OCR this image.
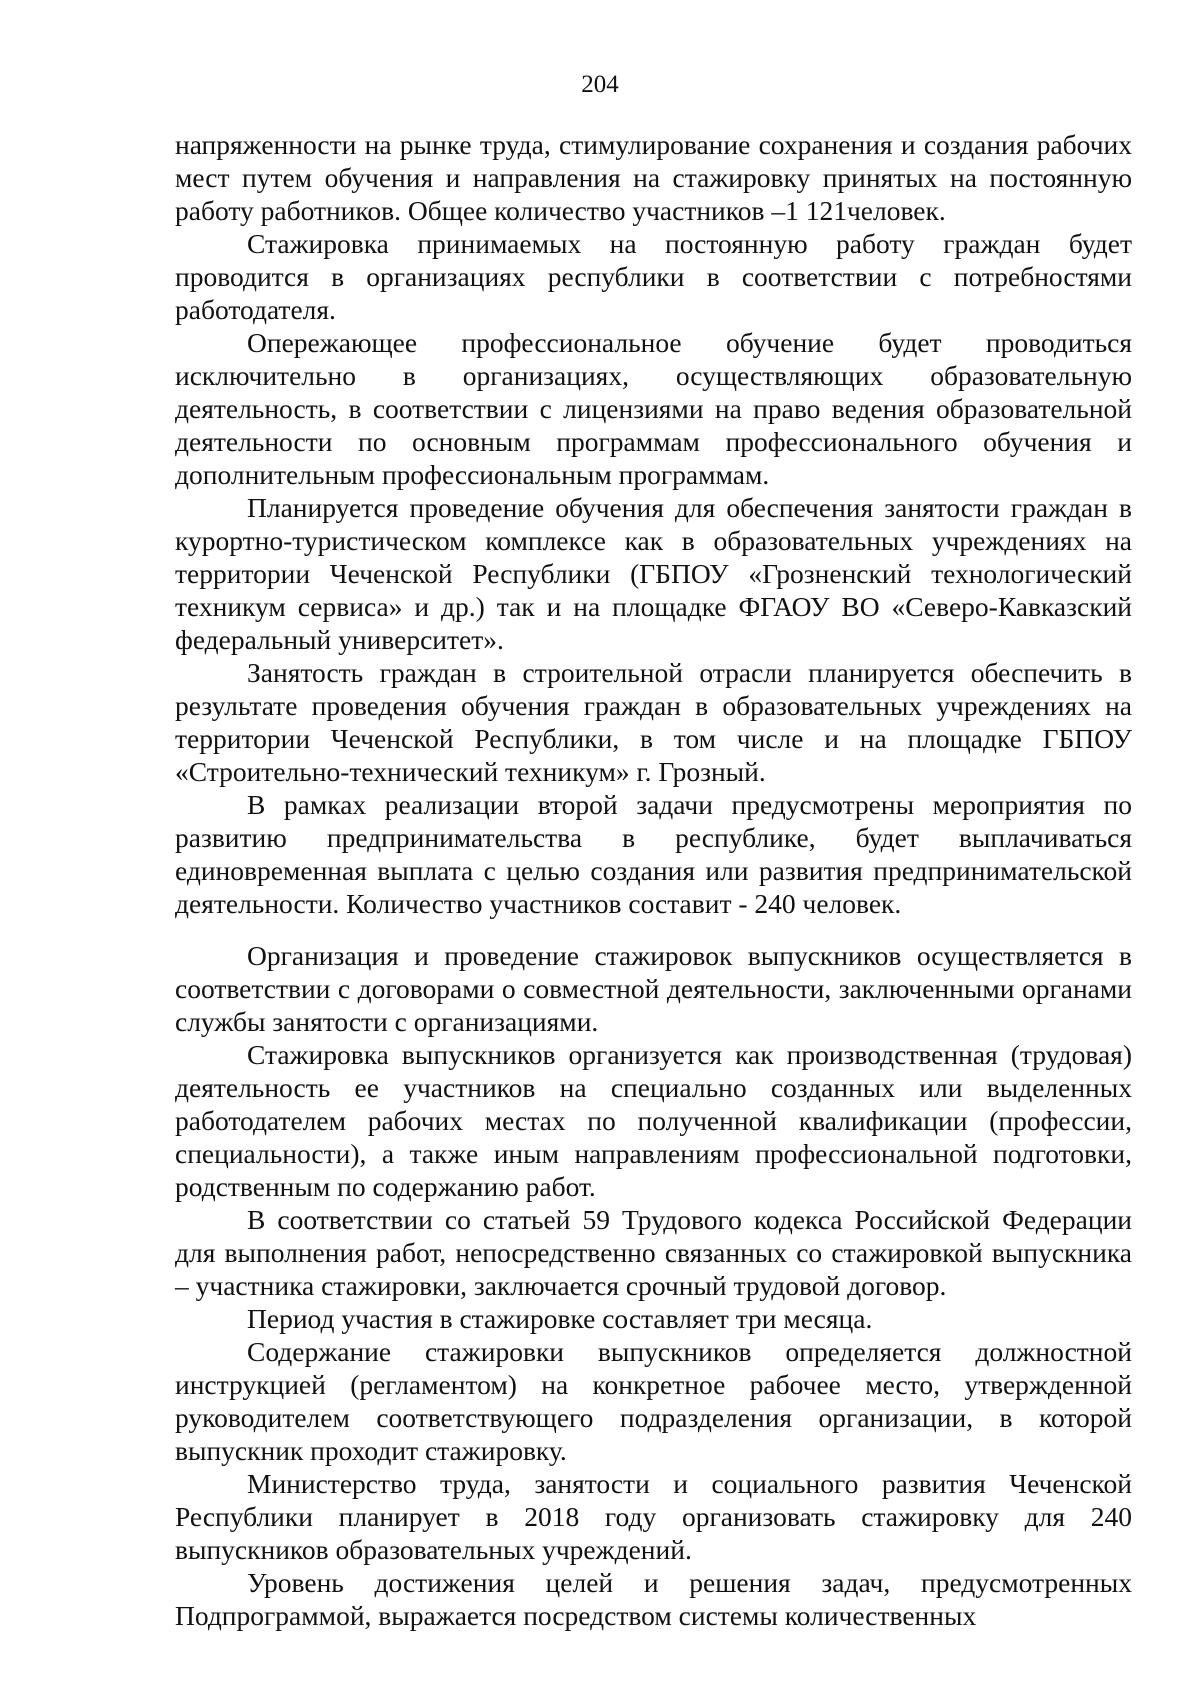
204

напряженности на рынке труда, стимулирование сохранения и создания рабочих мест путем обучения и направления на стажировку принятых на постоянную работу работников. Общее количество участников –1 121человек.

Стажировка принимаемых на постоянную работу граждан будет проводится в организациях республики в соответствии с потребностями работодателя.

Опережающее профессиональное обучение будет проводиться исключительно в организациях, осуществляющих образовательную деятельность, в соответствии с лицензиями на право ведения образовательной деятельности по основным программам профессионального обучения и дополнительным профессиональным программам.

Планируется проведение обучения для обеспечения занятости граждан в курортно-туристическом комплексе как в образовательных учреждениях на территории Чеченской Республики (ГБПОУ «Грозненский технологический техникум сервиса» и др.) так и на площадке ФГАОУ ВО «Северо-Кавказский федеральный университет».

Занятость граждан в строительной отрасли планируется обеспечить в результате проведения обучения граждан в образовательных учреждениях на территории Чеченской Республики, в том числе и на площадке ГБПОУ «Строительно-технический техникум» г. Грозный.

В рамках реализации второй задачи предусмотрены мероприятия по развитию предпринимательства в республике, будет выплачиваться единовременная выплата с целью создания или развития предпринимательской деятельности. Количество участников составит - 240 человек.

Организация и проведение стажировок выпускников осуществляется в соответствии с договорами о совместной деятельности, заключенными органами службы занятости с организациями.

Стажировка выпускников организуется как производственная (трудовая) деятельность ее участников на специально созданных или выделенных работодателем рабочих местах по полученной квалификации (профессии, специальности), а также иным направлениям профессиональной подготовки, родственным по содержанию работ.

В соответствии со статьей 59 Трудового кодекса Российской Федерации для выполнения работ, непосредственно связанных со стажировкой выпускника – участника стажировки, заключается срочный трудовой договор.

Период участия в стажировке составляет три месяца.

Содержание стажировки выпускников определяется должностной инструкцией (регламентом) на конкретное рабочее место, утвержденной руководителем соответствующего подразделения организации, в которой выпускник проходит стажировку.

Министерство труда, занятости и социального развития Чеченской Республики планирует в 2018 году организовать стажировку для 240 выпускников образовательных учреждений.

Уровень достижения целей и решения задач, предусмотренных Подпрограммой, выражается посредством системы количественных
